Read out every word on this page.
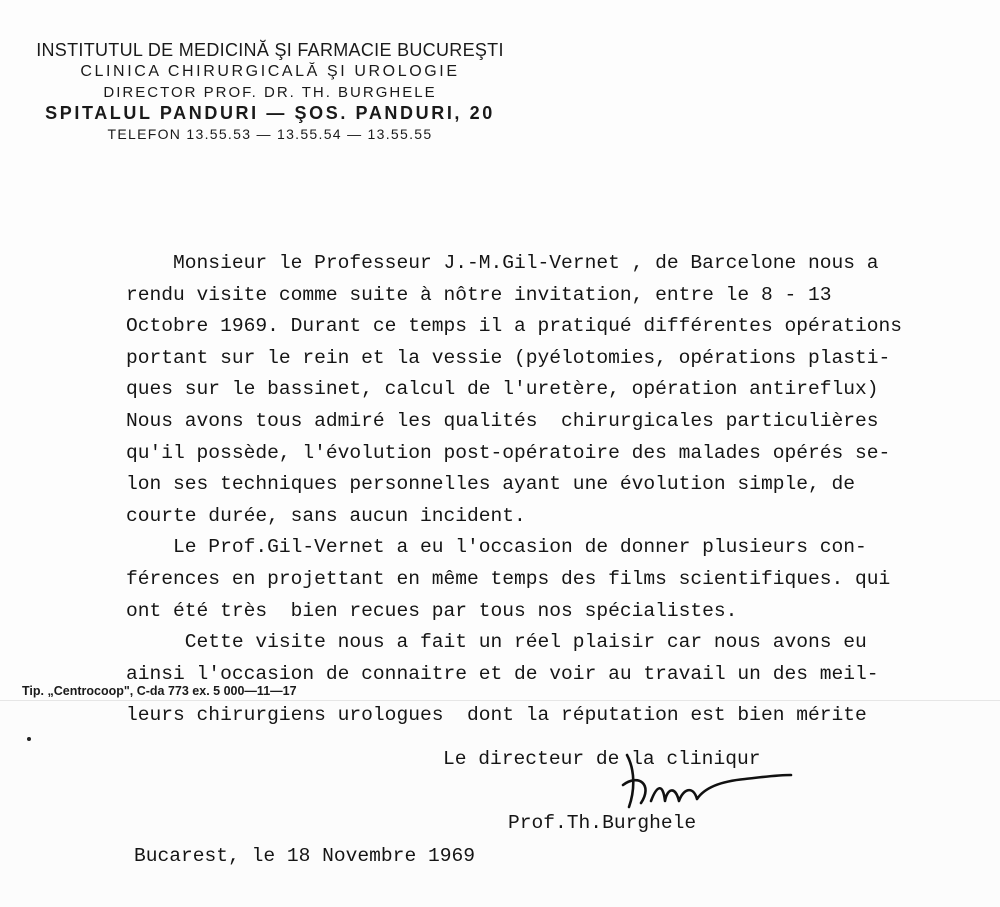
INSTITUTUL DE MEDICINĂ ŞI FARMACIE BUCUREŞTI
CLINICA CHIRURGICALĂ ŞI UROLOGIE
DIRECTOR PROF. DR. TH. BURGHELE
SPITALUL PANDURI — ŞOS. PANDURI, 20
TELEFON 13.55.53 — 13.55.54 — 13.55.55
Monsieur le Professeur J.-M.Gil-Vernet , de Barcelone nous a
rendu visite comme suite à nôtre invitation, entre le 8 - 13
Octobre 1969. Durant ce temps il a pratiqué différentes opérations
portant sur le rein et la vessie (pyélotomies, opérations plasti-
ques sur le bassinet, calcul de l'uretère, opération antireflux)
Nous avons tous admiré les qualités  chirurgicales particulières
qu'il possède, l'évolution post-opératoire des malades opérés se-
lon ses techniques personnelles ayant une évolution simple, de
courte durée, sans aucun incident.
Le Prof.Gil-Vernet a eu l'occasion de donner plusieurs con-
férences en projettant en même temps des films scientifiques. qui
ont été très  bien recues par tous nos spécialistes.
Cette visite nous a fait un réel plaisir car nous avons eu
ainsi l'occasion de connaitre et de voir au travail un des meil-
leurs chirurgiens urologues  dont la réputation est bien mérite
Tip. „Centrocoop", C-da 773 ex. 5 000—11—17
Le directeur de la cliniqur
Prof.Th.Burghele
Bucarest, le 18 Novembre 1969
